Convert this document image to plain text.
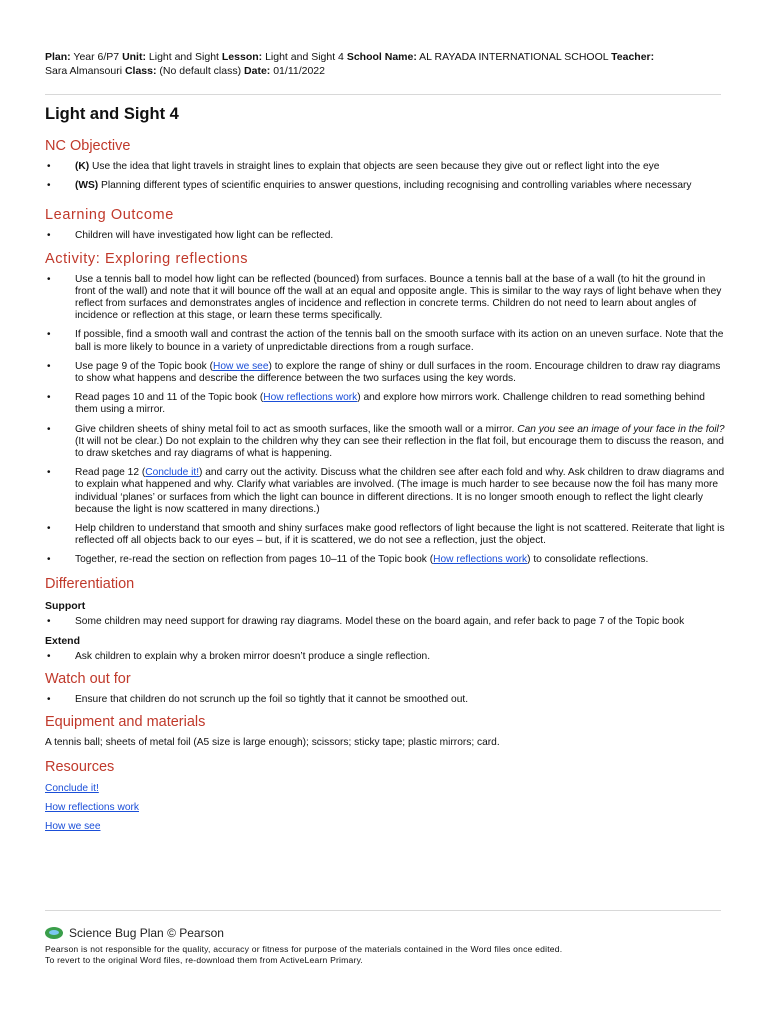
Plan: Year 6/P7 Unit: Light and Sight Lesson: Light and Sight 4 School Name: AL RAYADA INTERNATIONAL SCHOOL Teacher:
Sara Almansouri Class: (No default class) Date: 01/11/2022
Light and Sight 4
NC Objective
• (K) Use the idea that light travels in straight lines to explain that objects are seen because they give out or reflect light into the eye
• (WS) Planning different types of scientific enquiries to answer questions, including recognising and controlling variables where necessary
Learning Outcome
• Children will have investigated how light can be reflected.
Activity: Exploring reflections
• Use a tennis ball to model how light can be reflected (bounced) from surfaces. Bounce a tennis ball at the base of a wall (to hit the ground in front of the wall) and note that it will bounce off the wall at an equal and opposite angle. This is similar to the way rays of light behave when they reflect from surfaces and demonstrates angles of incidence and reflection in concrete terms. Children do not need to learn about angles of incidence or reflection at this stage, or learn these terms specifically.
• If possible, find a smooth wall and contrast the action of the tennis ball on the smooth surface with its action on an uneven surface. Note that the ball is more likely to bounce in a variety of unpredictable directions from a rough surface.
• Use page 9 of the Topic book (How we see) to explore the range of shiny or dull surfaces in the room. Encourage children to draw ray diagrams to show what happens and describe the difference between the two surfaces using the key words.
• Read pages 10 and 11 of the Topic book (How reflections work) and explore how mirrors work. Challenge children to read something behind them using a mirror.
• Give children sheets of shiny metal foil to act as smooth surfaces, like the smooth wall or a mirror. Can you see an image of your face in the foil? (It will not be clear.) Do not explain to the children why they can see their reflection in the flat foil, but encourage them to discuss the reason, and to draw sketches and ray diagrams of what is happening.
• Read page 12 (Conclude it!) and carry out the activity. Discuss what the children see after each fold and why. Ask children to draw diagrams and to explain what happened and why. Clarify what variables are involved. (The image is much harder to see because now the foil has many more individual ‘planes’ or surfaces from which the light can bounce in different directions. It is no longer smooth enough to reflect the light clearly because the light is now scattered in many directions.)
• Help children to understand that smooth and shiny surfaces make good reflectors of light because the light is not scattered. Reiterate that light is reflected off all objects back to our eyes – but, if it is scattered, we do not see a reflection, just the object.
• Together, re-read the section on reflection from pages 10–11 of the Topic book (How reflections work) to consolidate reflections.
Differentiation
Support
• Some children may need support for drawing ray diagrams. Model these on the board again, and refer back to page 7 of the Topic book
Extend
• Ask children to explain why a broken mirror doesn’t produce a single reflection.
Watch out for
• Ensure that children do not scrunch up the foil so tightly that it cannot be smoothed out.
Equipment and materials

A tennis ball; sheets of metal foil (A5 size is large enough); scissors; sticky tape; plastic mirrors; card.

Resources
Conclude it!
How reflections work
How we see
Science Bug Plan © Pearson
Pearson is not responsible for the quality, accuracy or fitness for purpose of the materials contained in the Word files once edited.
To revert to the original Word files, re-download them from ActiveLearn Primary.
